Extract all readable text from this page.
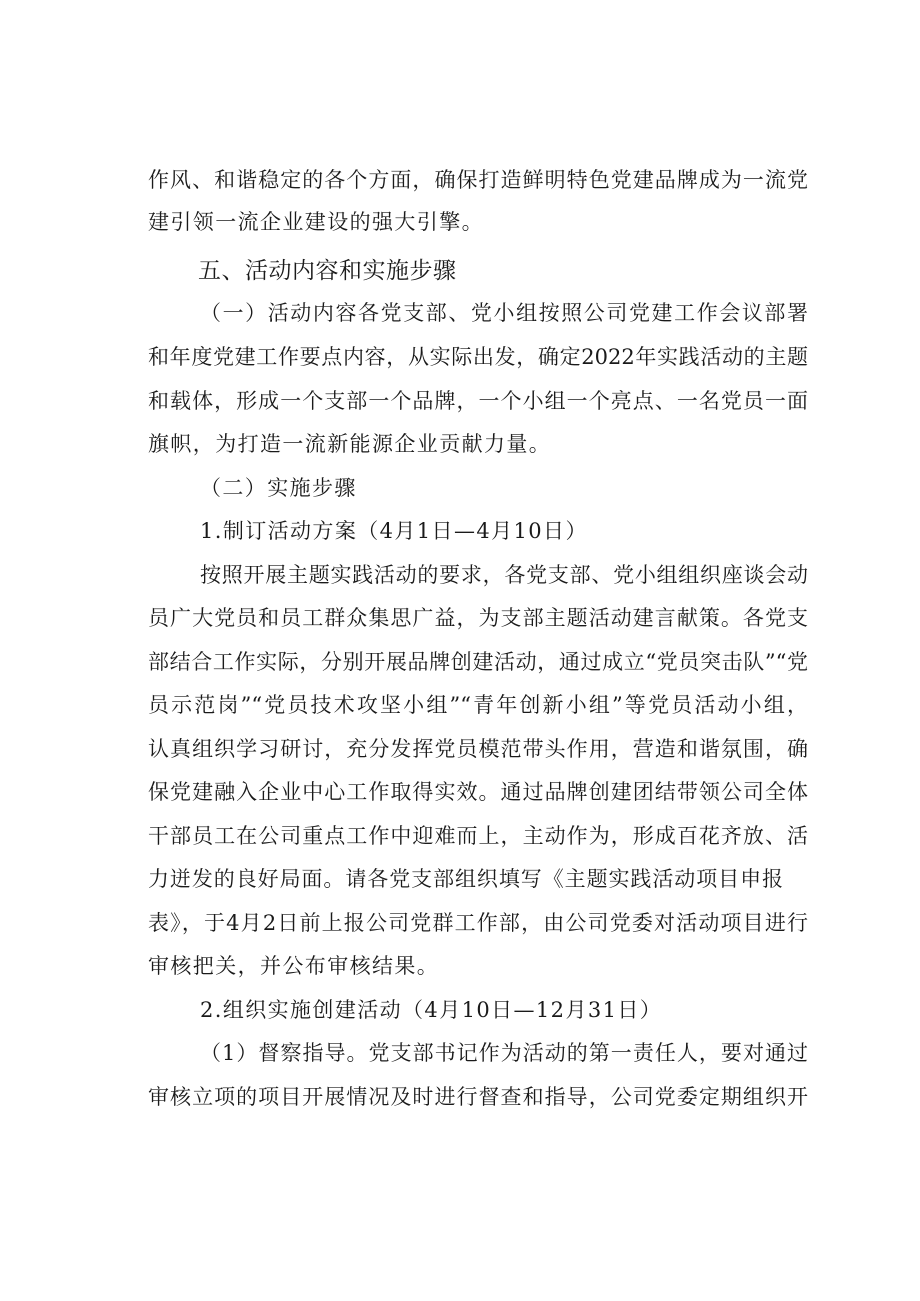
作风、和谐稳定的各个方面，确保打造鲜明特色党建品牌成为一流党
建引领一流企业建设的强大引擎。
五、活动内容和实施步骤
（一）活动内容各党支部、党小组按照公司党建工作会议部署
和年度党建工作要点内容，从实际出发，确定2022年实践活动的主题
和载体，形成一个支部一个品牌，一个小组一个亮点、一名党员一面
旗帜，为打造一流新能源企业贡献力量。
（二）实施步骤
1.制订活动方案（4月1日—4月10日）
按照开展主题实践活动的要求，各党支部、党小组组织座谈会动
员广大党员和员工群众集思广益，为支部主题活动建言献策。各党支
部结合工作实际，分别开展品牌创建活动，通过成立“党员突击队”“党
员示范岗”“党员技术攻坚小组”“青年创新小组”等党员活动小组，
认真组织学习研讨，充分发挥党员模范带头作用，营造和谐氛围，确
保党建融入企业中心工作取得实效。通过品牌创建团结带领公司全体
干部员工在公司重点工作中迎难而上，主动作为，形成百花齐放、活
力迸发的良好局面。请各党支部组织填写《主题实践活动项目申报
表》，于4月2日前上报公司党群工作部，由公司党委对活动项目进行
审核把关，并公布审核结果。
2.组织实施创建活动（4月10日—12月31日）
（1）督察指导。党支部书记作为活动的第一责任人，要对通过
审核立项的项目开展情况及时进行督查和指导，公司党委定期组织开
